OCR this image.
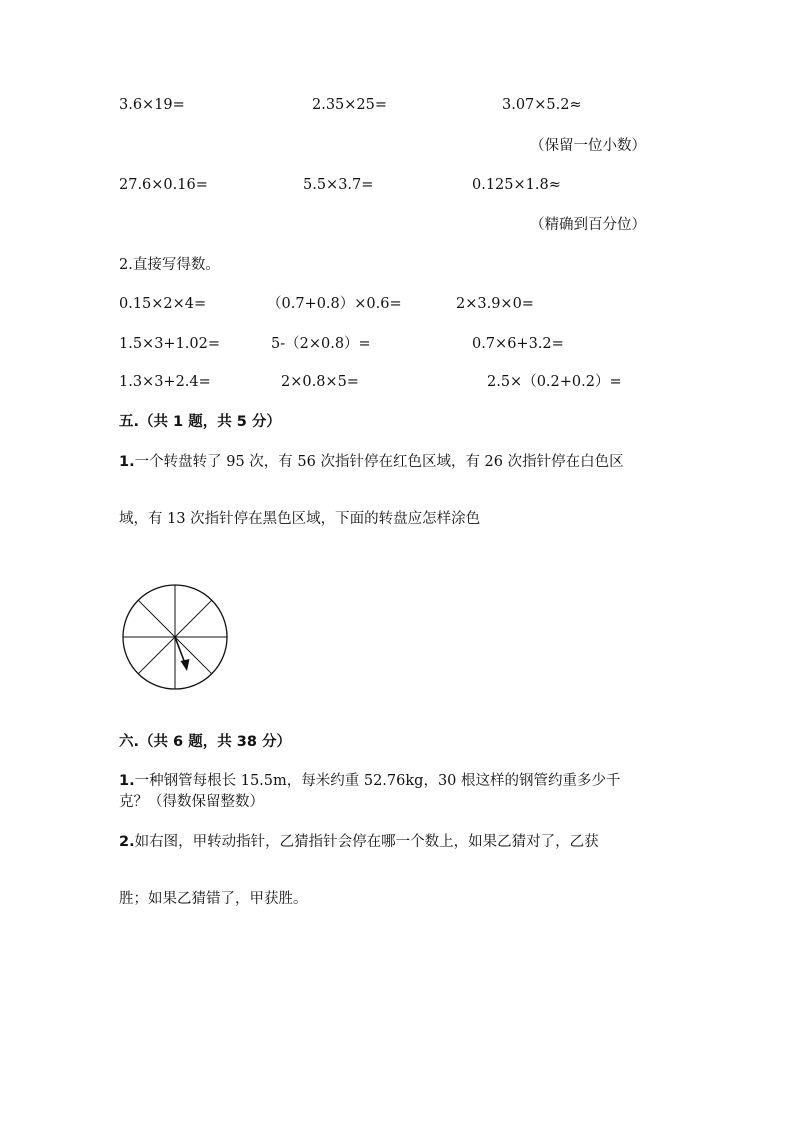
3.6×19=	2.35×25=	3.07×5.2≈
（保留一位小数）
27.6×0.16=	5.5×3.7=	0.125×1.8≈
（精确到百分位）
2.直接写得数。
0.15×2×4=	（0.7+0.8）×0.6=	2×3.9×0=
1.5×3+1.02=	5-（2×0.8）=	0.7×6+3.2=
1.3×3+2.4=	2×0.8×5=	2.5×（0.2+0.2）=
五.（共 1 题，共 5 分）
1.一个转盘转了 95 次，有 56 次指针停在红色区域，有 26 次指针停在白色区
域，有 13 次指针停在黑色区域，下面的转盘应怎样涂色
六.（共 6 题，共 38 分）
1.一种钢管每根长 15.5m，每米约重 52.76kg，30 根这样的钢管约重多少千
克？（得数保留整数）
2.如右图，甲转动指针，乙猜指针会停在哪一个数上，如果乙猜对了，乙获
胜；如果乙猜错了，甲获胜。
